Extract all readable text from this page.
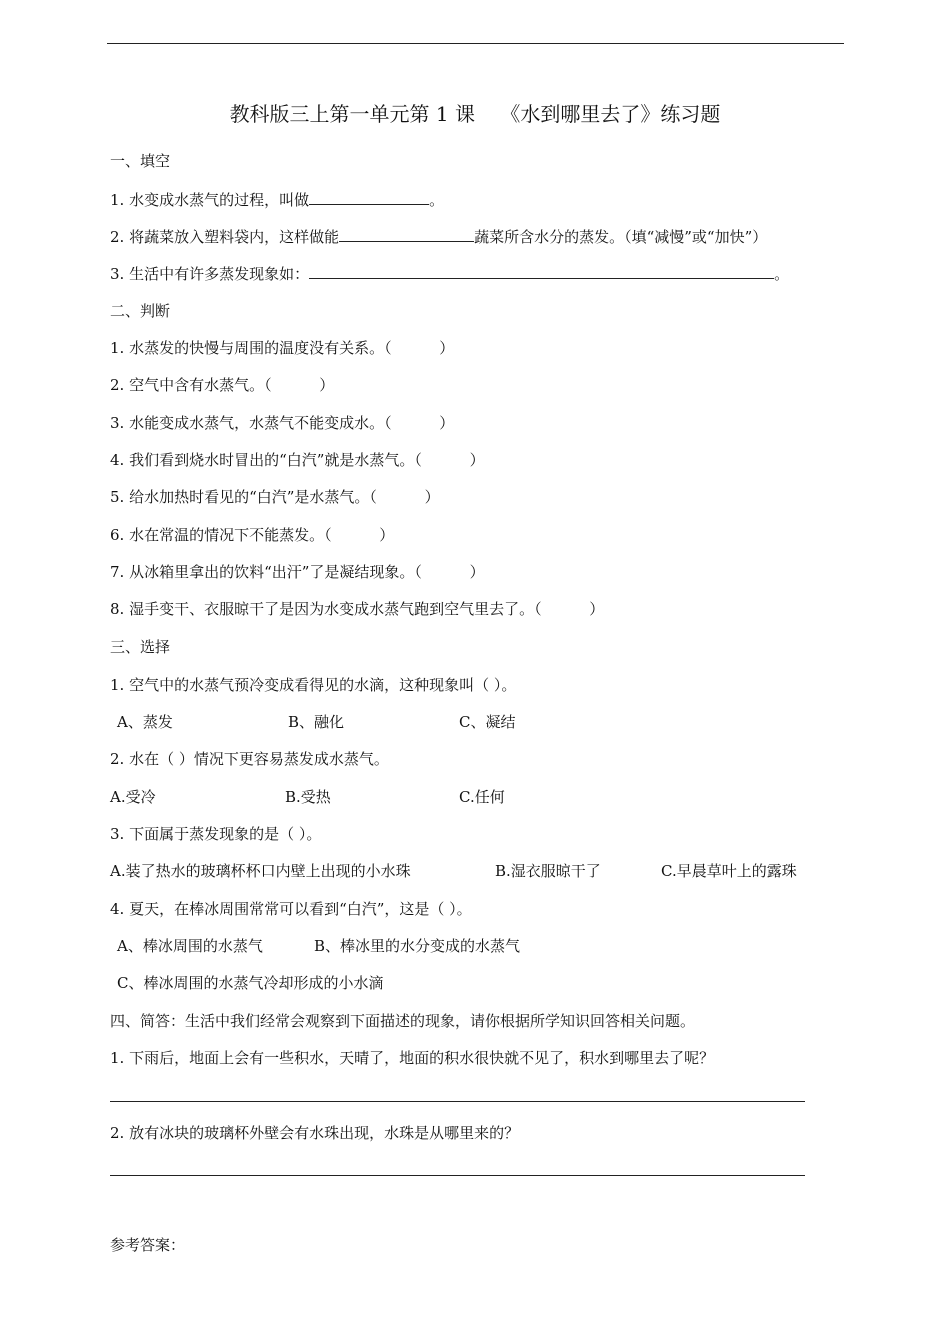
教科版三上第一单元第 1 课    《水到哪里去了》练习题
一、填空
1. 水变成水蒸气的过程，叫做	。
2. 将蔬菜放入塑料袋内，这样做能	蔬菜所含水分的蒸发。（填“减慢”或“加快”）
3. 生活中有许多蒸发现象如：	。
二、判断
1. 水蒸发的快慢与周围的温度没有关系。（          ）
2. 空气中含有水蒸气。（          ）
3. 水能变成水蒸气，水蒸气不能变成水。（          ）
4. 我们看到烧水时冒出的“白汽”就是水蒸气。（          ）
5. 给水加热时看见的“白汽”是水蒸气。（          ）
6. 水在常温的情况下不能蒸发。（          ）
7. 从冰箱里拿出的饮料“出汗”了是凝结现象。（          ）
8. 湿手变干、衣服晾干了是因为水变成水蒸气跑到空气里去了。（          ）
三、选择
1. 空气中的水蒸气预冷变成看得见的水滴，这种现象叫（ ）。
A、蒸发	B、融化	C、凝结
2. 水在（ ）情况下更容易蒸发成水蒸气。
A.受冷	B.受热	C.任何
3. 下面属于蒸发现象的是（ ）。
A.装了热水的玻璃杯杯口内壁上出现的小水珠	B.湿衣服晾干了	C.早晨草叶上的露珠
4. 夏天，在棒冰周围常常可以看到“白汽”，这是（ ）。
A、棒冰周围的水蒸气	B、棒冰里的水分变成的水蒸气
C、棒冰周围的水蒸气冷却形成的小水滴
四、简答：生活中我们经常会观察到下面描述的现象，请你根据所学知识回答相关问题。
1. 下雨后，地面上会有一些积水，天晴了，地面的积水很快就不见了，积水到哪里去了呢？
2. 放有冰块的玻璃杯外壁会有水珠出现，水珠是从哪里来的？
参考答案：
